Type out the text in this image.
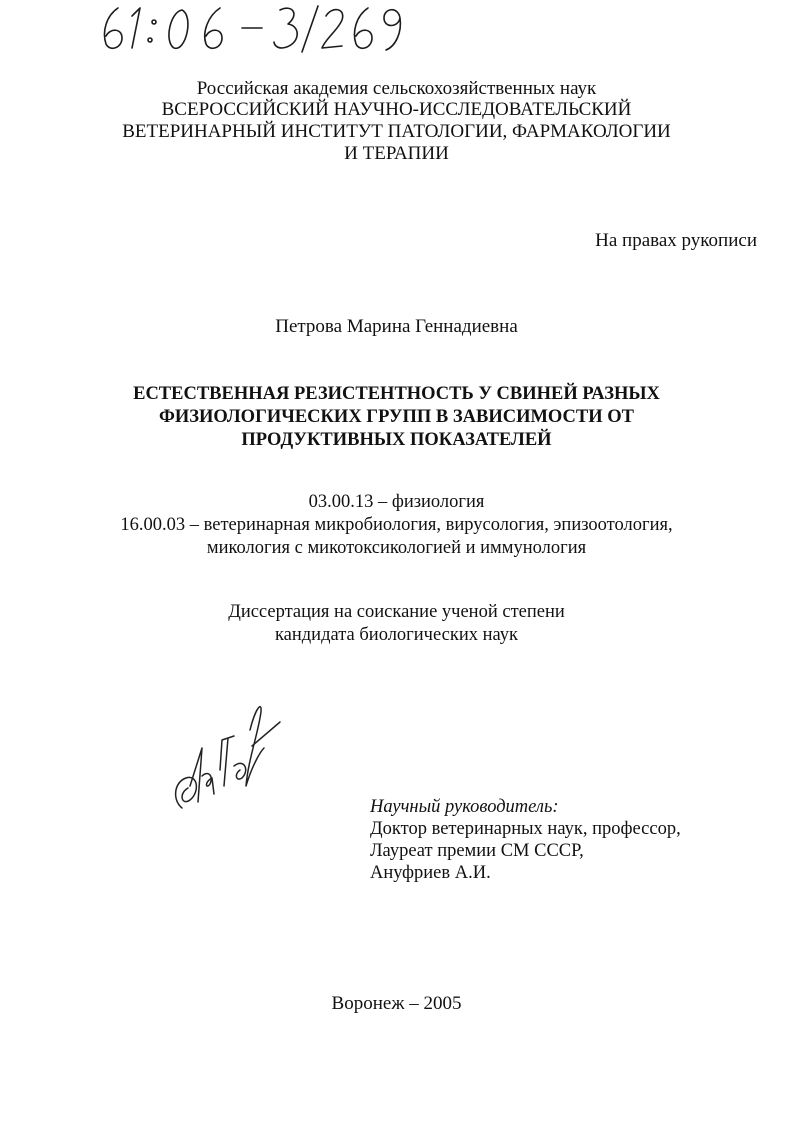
Российская академия сельскохозяйственных наук
ВСЕРОССИЙСКИЙ НАУЧНО-ИССЛЕДОВАТЕЛЬСКИЙ
ВЕТЕРИНАРНЫЙ ИНСТИТУТ ПАТОЛОГИИ, ФАРМАКОЛОГИИ
И ТЕРАПИИ
На правах рукописи
Петрова Марина Геннадиевна
ЕСТЕСТВЕННАЯ РЕЗИСТЕНТНОСТЬ У СВИНЕЙ РАЗНЫХ
ФИЗИОЛОГИЧЕСКИХ ГРУПП В ЗАВИСИМОСТИ ОТ
ПРОДУКТИВНЫХ ПОКАЗАТЕЛЕЙ
03.00.13 – физиология
16.00.03 – ветеринарная микробиология, вирусология, эпизоотология,
микология с микотоксикологией и иммунология
Диссертация на соискание ученой степени
кандидата биологических наук
Научный руководитель:
Доктор ветеринарных наук, профессор,
Лауреат премии СМ СССР,
Ануфриев А.И.
Воронеж – 2005
